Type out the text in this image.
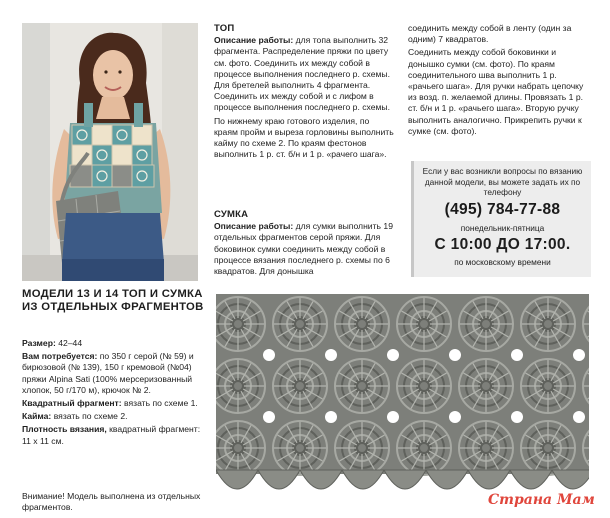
ТОП

Описание работы: для топа выполнить 32 фрагмента. Распределение пряжи по цвету см. фото. Соединить их между собой в процессе выполнения последнего р. схемы. Для бретелей выполнить 4 фрагмента. Соединить их между собой и с лифом в процессе выполнения последнего р. схемы.

По нижнему краю готового изделия, по краям пройм и выреза горловины выполнить кайму по схеме 2. По краям фестонов выполнить 1 р. ст. б/н и 1 р. «рачего шага».

СУМКА

Описание работы: для сумки выполнить 19 отдельных фрагментов серой пряжи. Для боковинок сумки соединить между собой в процессе вязания последнего р. схемы по 6 квадратов. Для донышка

соединить между собой в ленту (один за одним) 7 квадратов.

Соединить между собой боковинки и донышко сумки (см. фото). По краям соединительного шва выполнить 1 р. «рачьего шага». Для ручки набрать цепочку из возд. п. желаемой длины. Провязать 1 р. ст. б/н и 1 р. «рачьего шага». Вторую ручку выполнить аналогично. Прикрепить ручки к сумке (см. фото).

Если у вас возникли вопросы по вязанию данной модели, вы можете задать их по телефону
(495) 784-77-88
понедельник-пятница
С 10:00 ДО 17:00.
по московскому времени
МОДЕЛИ 13 И 14 ТОП И СУМКА ИЗ ОТДЕЛЬНЫХ ФРАГМЕНТОВ

Размер: 42–44

Вам потребуется: по 350 г серой (№ 59) и бирюзовой (№ 139), 150 г кремовой (№04) пряжи Alpina Sati (100% мерсеризованный хлопок, 50 г/170 м), крючок № 2.

Квадратный фрагмент: вязать по схеме 1.

Кайма: вязать по схеме 2.

Плотность вязания, квадратный фрагмент: 11 x 11 см.

Внимание! Модель выполнена из отдельных фрагментов.	Страна Мам
